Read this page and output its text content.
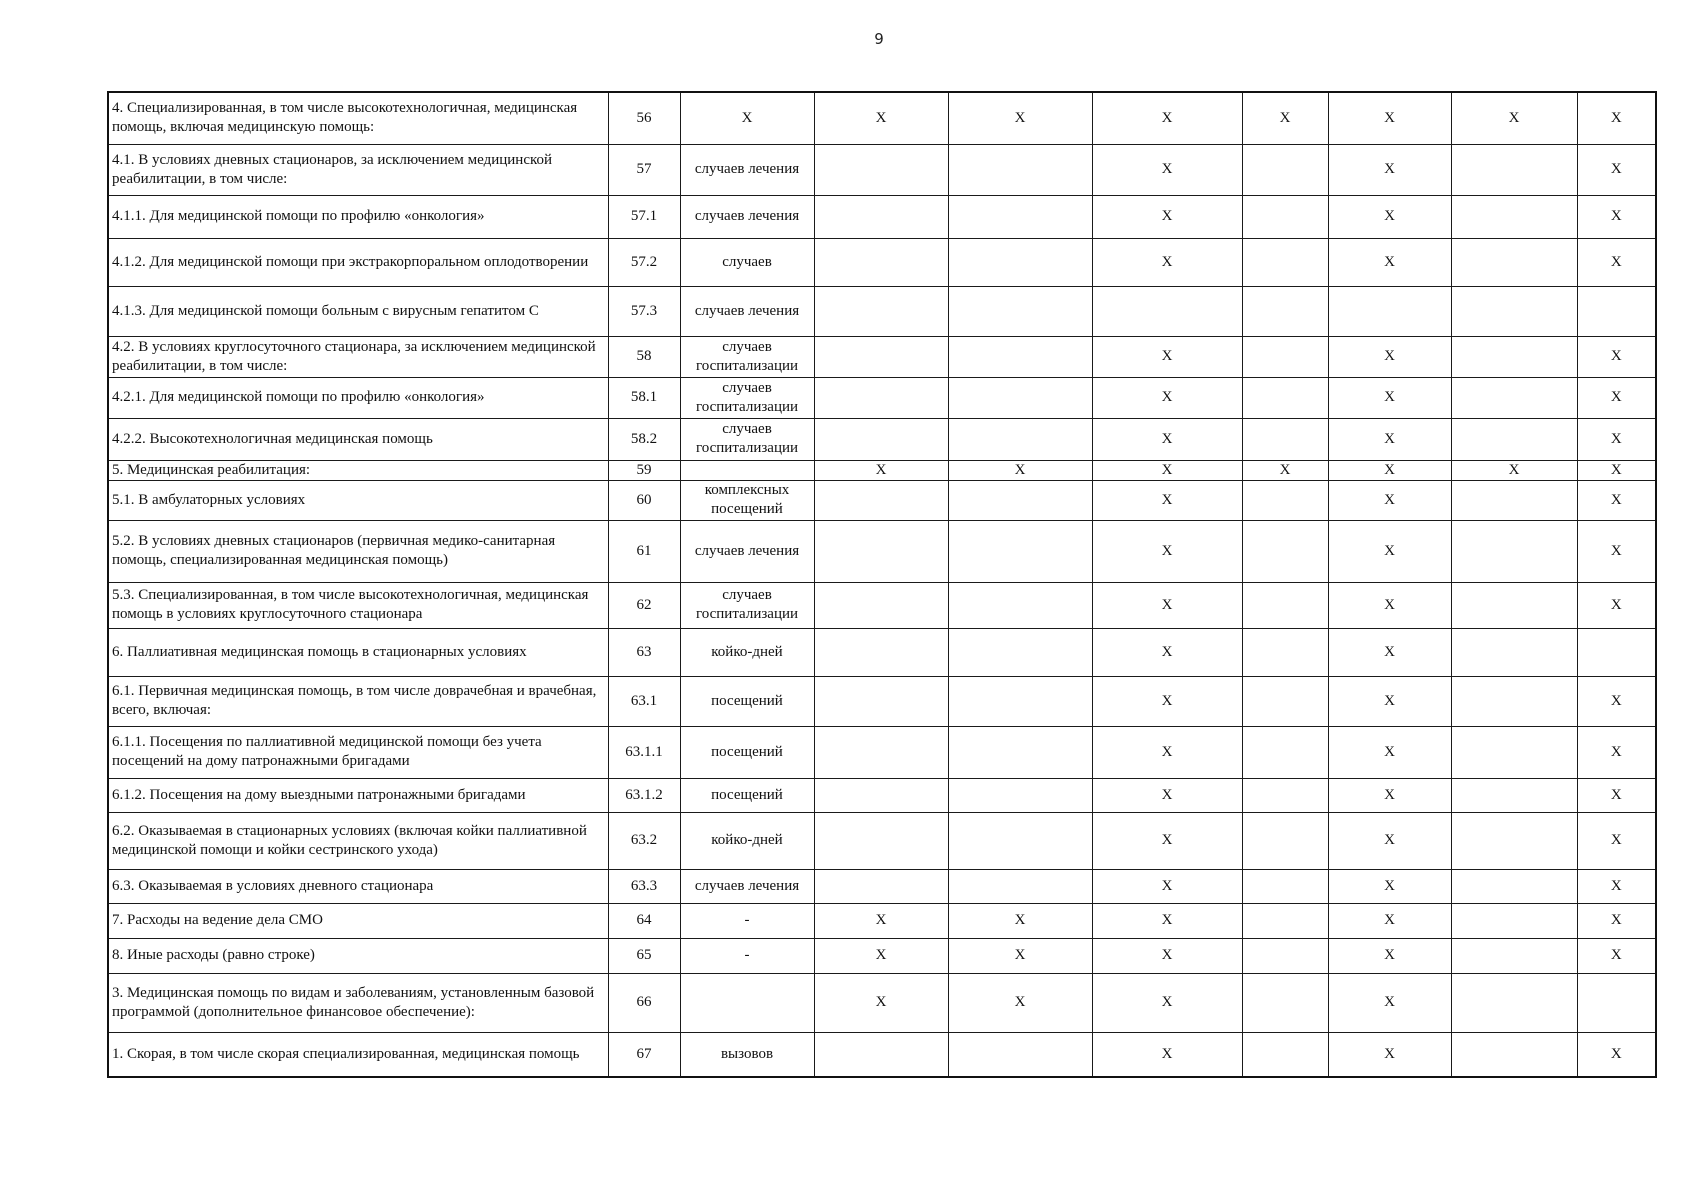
9
4. Специализированная, в том числе высокотехнологичная, медицинская помощь, включая медицинскую помощь:	56	X	X	X	X	X	X	X	X
4.1. В условиях дневных стационаров, за исключением медицинской реабилитации, в том числе:	57	случаев лечения			X		X		X
4.1.1. Для медицинской помощи по профилю «онкология»	57.1	случаев лечения			X		X		X
4.1.2. Для медицинской помощи при экстракорпоральном оплодотворении	57.2	случаев			X		X		X
4.1.3. Для медицинской помощи больным с вирусным гепатитом С	57.3	случаев лечения							
4.2. В условиях круглосуточного стационара, за исключением медицинской реабилитации, в том числе:	58	случаев госпитализации			X		X		X
4.2.1. Для медицинской помощи по профилю «онкология»	58.1	случаев госпитализации			X		X		X
4.2.2. Высокотехнологичная медицинская помощь	58.2	случаев госпитализации			X		X		X
5. Медицинская реабилитация:	59		X	X	X	X	X	X	X
5.1. В амбулаторных условиях	60	комплексных посещений			X		X		X
5.2. В условиях дневных стационаров (первичная медико-санитарная помощь, специализированная медицинская помощь)	61	случаев лечения			X		X		X
5.3. Специализированная, в том числе высокотехнологичная, медицинская помощь в условиях круглосуточного стационара	62	случаев госпитализации			X		X		X
6. Паллиативная медицинская помощь в стационарных условиях	63	койко-дней			X		X		
6.1. Первичная медицинская помощь, в том числе доврачебная и врачебная, всего, включая:	63.1	посещений			X		X		X
6.1.1. Посещения по паллиативной медицинской помощи без учета посещений на дому патронажными бригадами	63.1.1	посещений			X		X		X
6.1.2. Посещения на дому выездными патронажными бригадами	63.1.2	посещений			X		X		X
6.2. Оказываемая в стационарных условиях (включая койки паллиативной медицинской помощи и койки сестринского ухода)	63.2	койко-дней			X		X		X
6.3. Оказываемая в условиях дневного стационара	63.3	случаев лечения			X		X		X
7. Расходы на ведение дела СМО	64	-	X	X	X		X		X
8. Иные расходы (равно строке)	65	-	X	X	X		X		X
3. Медицинская помощь по видам и заболеваниям, установленным базовой программой (дополнительное финансовое обеспечение):	66		X	X	X		X		
1. Скорая, в том числе скорая специализированная, медицинская помощь	67	вызовов			X		X		X
